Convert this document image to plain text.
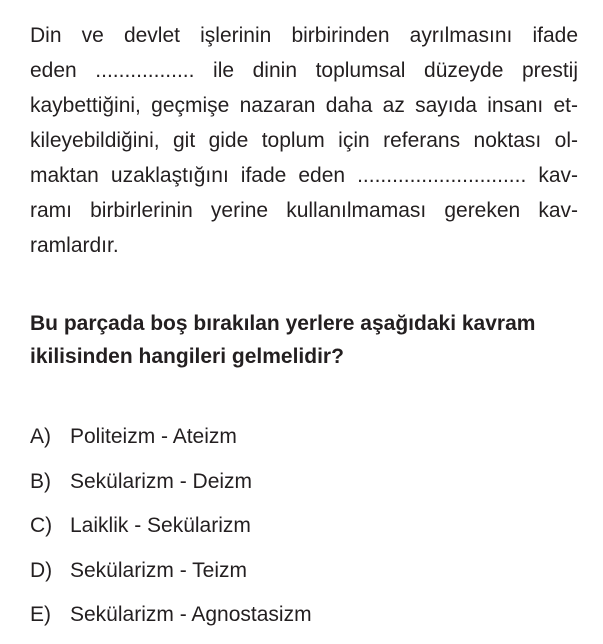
Din ve devlet işlerinin birbirinden ayrılmasını ifade
eden ................. ile dinin toplumsal düzeyde prestij
kaybettiğini, geçmişe nazaran daha az sayıda insanı et-
kileyebildiğini, git gide toplum için referans noktası ol-
maktan uzaklaştığını ifade eden ............................. kav-
ramı birbirlerinin yerine kullanılmaması gereken kav-
ramlardır.
Bu parçada boş bırakılan yerlere aşağıdaki kavram
ikilisinden hangileri gelmelidir?
A) Politeizm - Ateizm
B) Sekülarizm - Deizm
C) Laiklik - Sekülarizm
D) Sekülarizm - Teizm
E) Sekülarizm - Agnostasizm
